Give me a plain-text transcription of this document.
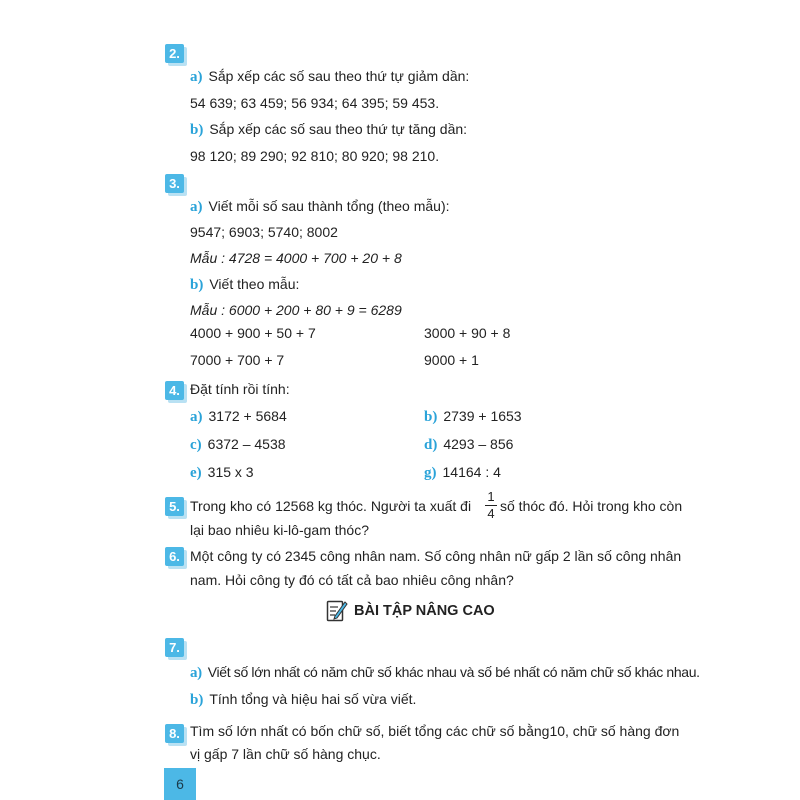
2.
a) Sắp xếp các số sau theo thứ tự giảm dần:
54 639; 63 459; 56 934; 64 395; 59 453.
b) Sắp xếp các số sau theo thứ tự tăng dần:
98 120; 89 290; 92 810; 80 920; 98 210.
3.
a) Viết mỗi số sau thành tổng (theo mẫu):
9547; 6903; 5740; 8002
Mẫu : 4728 = 4000 + 700 + 20 + 8
b) Viết theo mẫu:
Mẫu : 6000 + 200 + 80 + 9 = 6289
4000 + 900 + 50 + 7	3000 + 90 + 8
7000 + 700 + 7	9000 + 1
4. Đặt tính rồi tính:
a) 3172 + 5684	b) 2739 + 1653
c) 6372 – 4538	d) 4293 – 856
e) 315 x 3	g) 14164 : 4
5. Trong kho có 12568 kg thóc. Người ta xuất đi
1
4 số thóc đó. Hỏi trong kho còn
lại bao nhiêu ki-lô-gam thóc?
6. Một công ty có 2345 công nhân nam. Số công nhân nữ gấp 2 lần số công nhân
nam. Hỏi công ty đó có tất cả bao nhiêu công nhân?
BÀI TẬP NÂNG CAO
7.
a) Viết số lớn nhất có năm chữ số khác nhau và số bé nhất có năm chữ số khác nhau.
b) Tính tổng và hiệu hai số vừa viết.
8. Tìm số lớn nhất có bốn chữ số, biết tổng các chữ số bằng10, chữ số hàng đơn
vị gấp 7 lần chữ số hàng chục.
6
